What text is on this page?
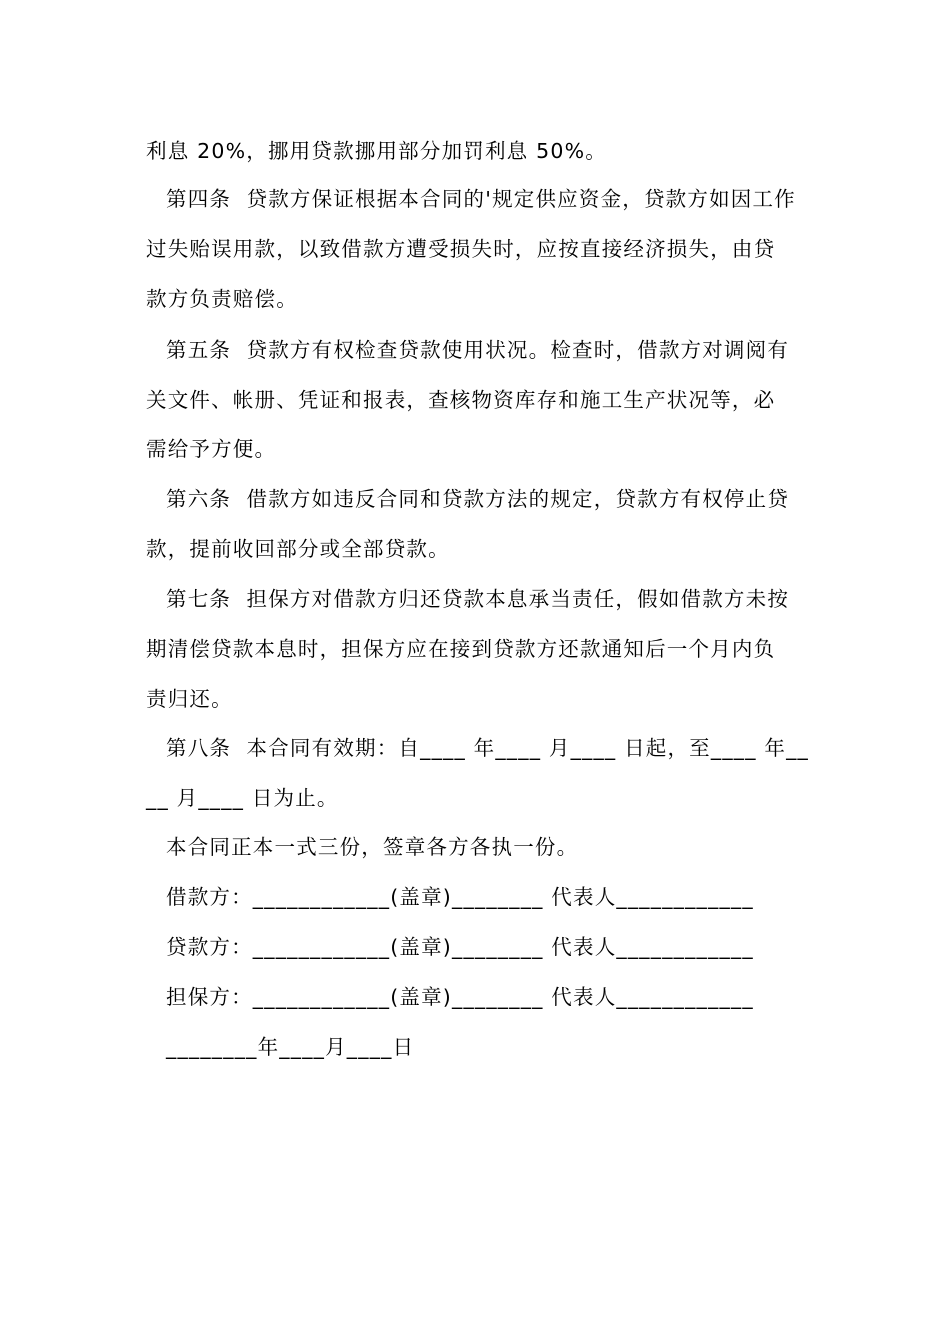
利息 20%，挪用贷款挪用部分加罚利息 50%。
第四条  贷款方保证根据本合同的'规定供应资金，贷款方如因工作
过失贻误用款，以致借款方遭受损失时，应按直接经济损失，由贷
款方负责赔偿。
第五条  贷款方有权检查贷款使用状况。检查时，借款方对调阅有
关文件、帐册、凭证和报表，查核物资库存和施工生产状况等，必
需给予方便。
第六条  借款方如违反合同和贷款方法的规定，贷款方有权停止贷
款，提前收回部分或全部贷款。
第七条  担保方对借款方归还贷款本息承当责任，假如借款方未按
期清偿贷款本息时，担保方应在接到贷款方还款通知后一个月内负
责归还。
第八条  本合同有效期：自____ 年____ 月____ 日起，至____ 年__
__ 月____ 日为止。
本合同正本一式三份，签章各方各执一份。
借款方：____________(盖章)________ 代表人____________
贷款方：____________(盖章)________ 代表人____________
担保方：____________(盖章)________ 代表人____________
________年____月____日
